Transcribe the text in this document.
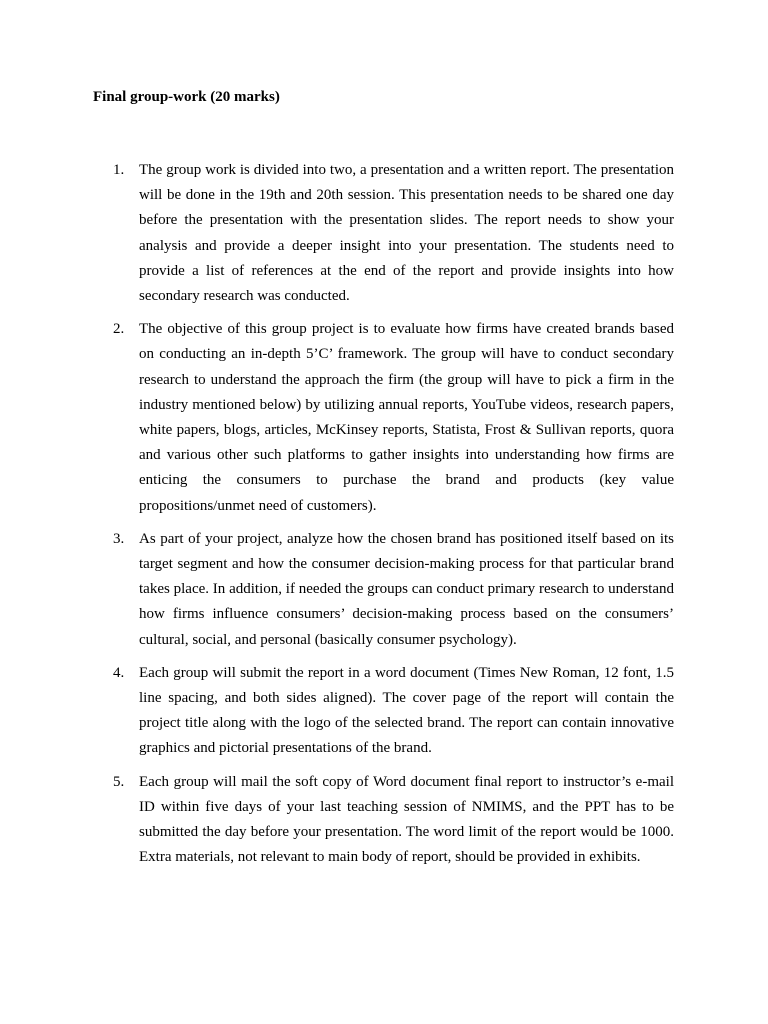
Final group-work (20 marks)
1. The group work is divided into two, a presentation and a written report. The presentation will be done in the 19th and 20th session. This presentation needs to be shared one day before the presentation with the presentation slides. The report needs to show your analysis and provide a deeper insight into your presentation. The students need to provide a list of references at the end of the report and provide insights into how secondary research was conducted.
2. The objective of this group project is to evaluate how firms have created brands based on conducting an in-depth 5’C’ framework. The group will have to conduct secondary research to understand the approach the firm (the group will have to pick a firm in the industry mentioned below) by utilizing annual reports, YouTube videos, research papers, white papers, blogs, articles, McKinsey reports, Statista, Frost & Sullivan reports, quora and various other such platforms to gather insights into understanding how firms are enticing the consumers to purchase the brand and products (key value propositions/unmet need of customers).
3. As part of your project, analyze how the chosen brand has positioned itself based on its target segment and how the consumer decision-making process for that particular brand takes place. In addition, if needed the groups can conduct primary research to understand how firms influence consumers’ decision-making process based on the consumers’ cultural, social, and personal (basically consumer psychology).
4. Each group will submit the report in a word document (Times New Roman, 12 font, 1.5 line spacing, and both sides aligned). The cover page of the report will contain the project title along with the logo of the selected brand. The report can contain innovative graphics and pictorial presentations of the brand.
5. Each group will mail the soft copy of Word document final report to instructor’s e-mail ID within five days of your last teaching session of NMIMS, and the PPT has to be submitted the day before your presentation. The word limit of the report would be 1000. Extra materials, not relevant to main body of report, should be provided in exhibits.
